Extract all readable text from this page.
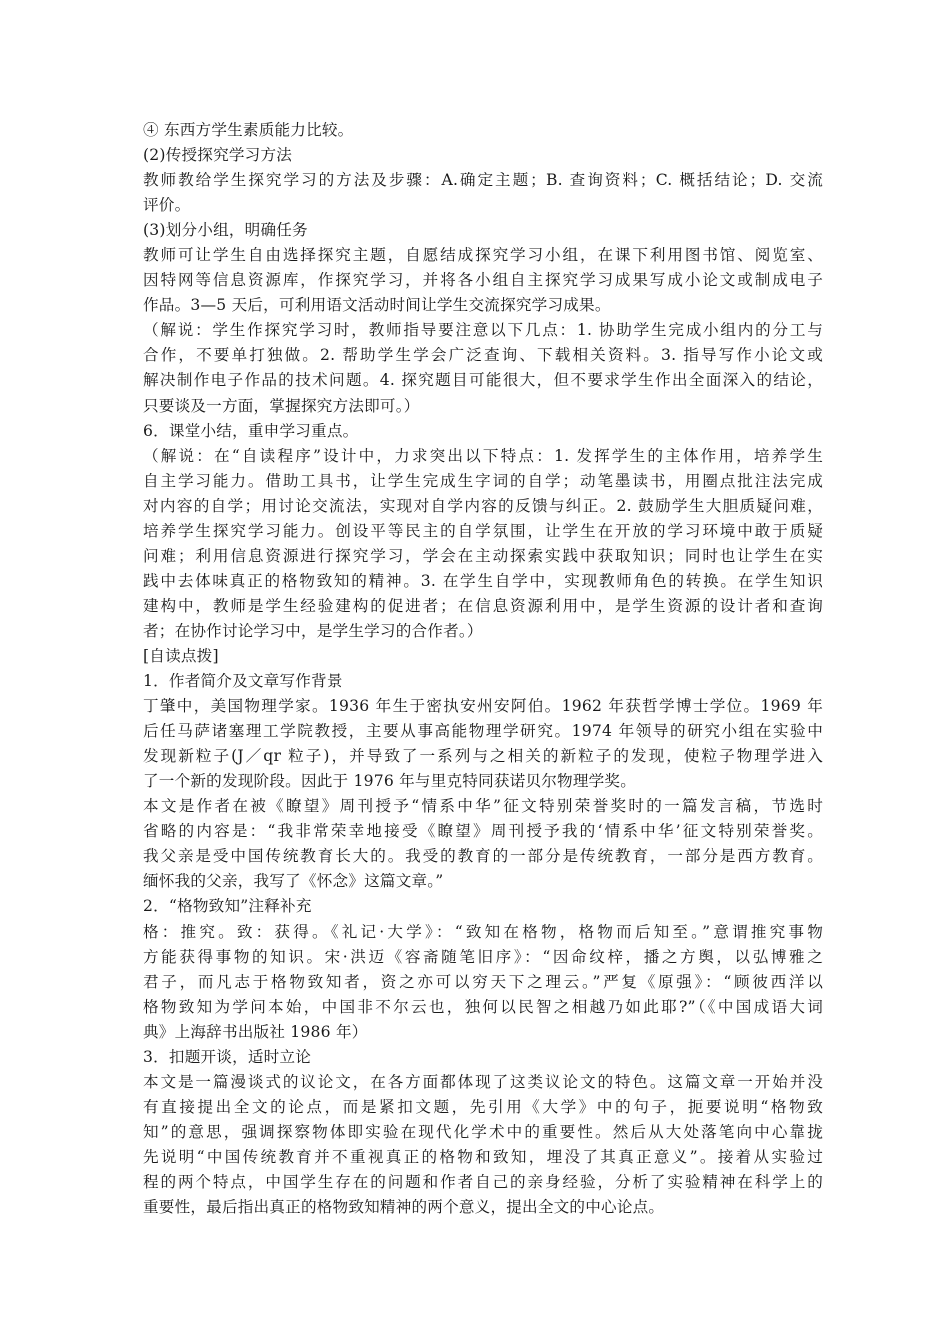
④ 东西方学生素质能力比较。
(2)传授探究学习方法
教师教给学生探究学习的方法及步骤：A.确定主题；B. 查询资料；C. 概括结论；D. 交流
评价。
(3)划分小组，明确任务
教师可让学生自由选择探究主题，自愿结成探究学习小组，在课下利用图书馆、阅览室、
因特网等信息资源库，作探究学习，并将各小组自主探究学习成果写成小论文或制成电子
作品。3—5 天后，可利用语文活动时间让学生交流探究学习成果。
（解说：学生作探究学习时，教师指导要注意以下几点：1. 协助学生完成小组内的分工与
合作，不要单打独做。2. 帮助学生学会广泛查询、下载相关资料。3. 指导写作小论文或
解决制作电子作品的技术问题。4. 探究题目可能很大，但不要求学生作出全面深入的结论，
只要谈及一方面，掌握探究方法即可。）
6．课堂小结，重申学习重点。
（解说：在“自读程序”设计中，力求突出以下特点：1. 发挥学生的主体作用，培养学生
自主学习能力。借助工具书，让学生完成生字词的自学；动笔墨读书，用圈点批注法完成
对内容的自学；用讨论交流法，实现对自学内容的反馈与纠正。2. 鼓励学生大胆质疑问难，
培养学生探究学习能力。创设平等民主的自学氛围，让学生在开放的学习环境中敢于质疑
问难；利用信息资源进行探究学习，学会在主动探索实践中获取知识；同时也让学生在实
践中去体味真正的格物致知的精神。3. 在学生自学中，实现教师角色的转换。在学生知识
建构中，教师是学生经验建构的促进者；在信息资源利用中，是学生资源的设计者和查询
者；在协作讨论学习中，是学生学习的合作者。）
[自读点拨]
1．作者简介及文章写作背景
丁肇中，美国物理学家。1936 年生于密执安州安阿伯。1962 年获哲学博士学位。1969 年
后任马萨诸塞理工学院教授，主要从事高能物理学研究。1974 年领导的研究小组在实验中
发现新粒子(J／qr 粒子)，并导致了一系列与之相关的新粒子的发现，使粒子物理学进入
了一个新的发现阶段。因此于 1976 年与里克特同获诺贝尔物理学奖。
本文是作者在被《瞭望》周刊授予“情系中华”征文特别荣誉奖时的一篇发言稿，节选时
省略的内容是：“我非常荣幸地接受《瞭望》周刊授予我的‘情系中华’征文特别荣誉奖。
我父亲是受中国传统教育长大的。我受的教育的一部分是传统教育，一部分是西方教育。
缅怀我的父亲，我写了《怀念》这篇文章。”
2．“格物致知”注释补充
格：推究。致：获得。《礼记·大学》：“致知在格物，格物而后知至。”意谓推究事物
方能获得事物的知识。宋·洪迈《容斋随笔旧序》：“因命纹梓，播之方舆，以弘博雅之
君子，而凡志于格物致知者，资之亦可以穷天下之理云。”严复《原强》：“顾彼西洋以
格物致知为学问本始，中国非不尔云也，独何以民智之相越乃如此耶?”（《中国成语大词
典》上海辞书出版社 1986 年）
3．扣题开谈，适时立论
本文是一篇漫谈式的议论文，在各方面都体现了这类议论文的特色。这篇文章一开始并没
有直接提出全文的论点，而是紧扣文题，先引用《大学》中的句子，扼要说明“格物致
知”的意思，强调探察物体即实验在现代化学术中的重要性。然后从大处落笔向中心靠拢
先说明“中国传统教育并不重视真正的格物和致知，埋没了其真正意义”。接着从实验过
程的两个特点，中国学生存在的问题和作者自己的亲身经验，分析了实验精神在科学上的
重要性，最后指出真正的格物致知精神的两个意义，提出全文的中心论点。
